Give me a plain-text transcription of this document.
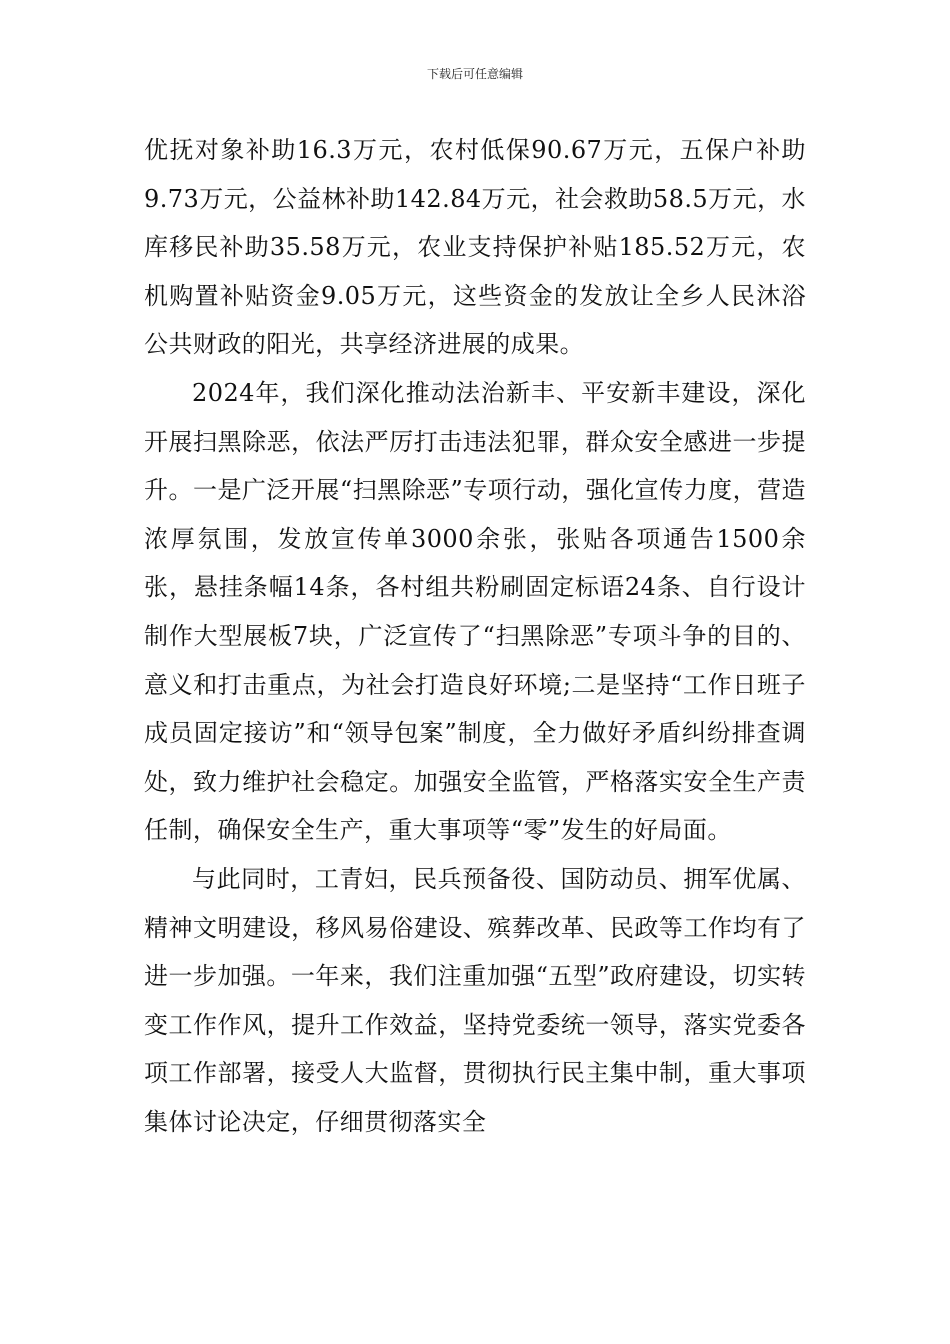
下载后可任意编辑

优抚对象补助16.3万元，农村低保90.67万元，五保户补助9.73万元，公益林补助142.84万元，社会救助58.5万元，水库移民补助35.58万元，农业支持保护补贴185.52万元，农机购置补贴资金9.05万元，这些资金的发放让全乡人民沐浴公共财政的阳光，共享经济进展的成果。

2024年，我们深化推动法治新丰、平安新丰建设，深化开展扫黑除恶，依法严厉打击违法犯罪，群众安全感进一步提升。一是广泛开展“扫黑除恶”专项行动，强化宣传力度，营造浓厚氛围，发放宣传单3000余张，张贴各项通告1500余张，悬挂条幅14条，各村组共粉刷固定标语24条、自行设计制作大型展板7块，广泛宣传了“扫黑除恶”专项斗争的目的、意义和打击重点，为社会打造良好环境;二是坚持“工作日班子成员固定接访”和“领导包案”制度，全力做好矛盾纠纷排查调处，致力维护社会稳定。加强安全监管，严格落实安全生产责任制，确保安全生产，重大事项等“零”发生的好局面。

与此同时，工青妇，民兵预备役、国防动员、拥军优属、精神文明建设，移风易俗建设、殡葬改革、民政等工作均有了进一步加强。一年来，我们注重加强“五型”政府建设，切实转变工作作风，提升工作效益，坚持党委统一领导，落实党委各项工作部署，接受人大监督，贯彻执行民主集中制，重大事项集体讨论决定，仔细贯彻落实全
